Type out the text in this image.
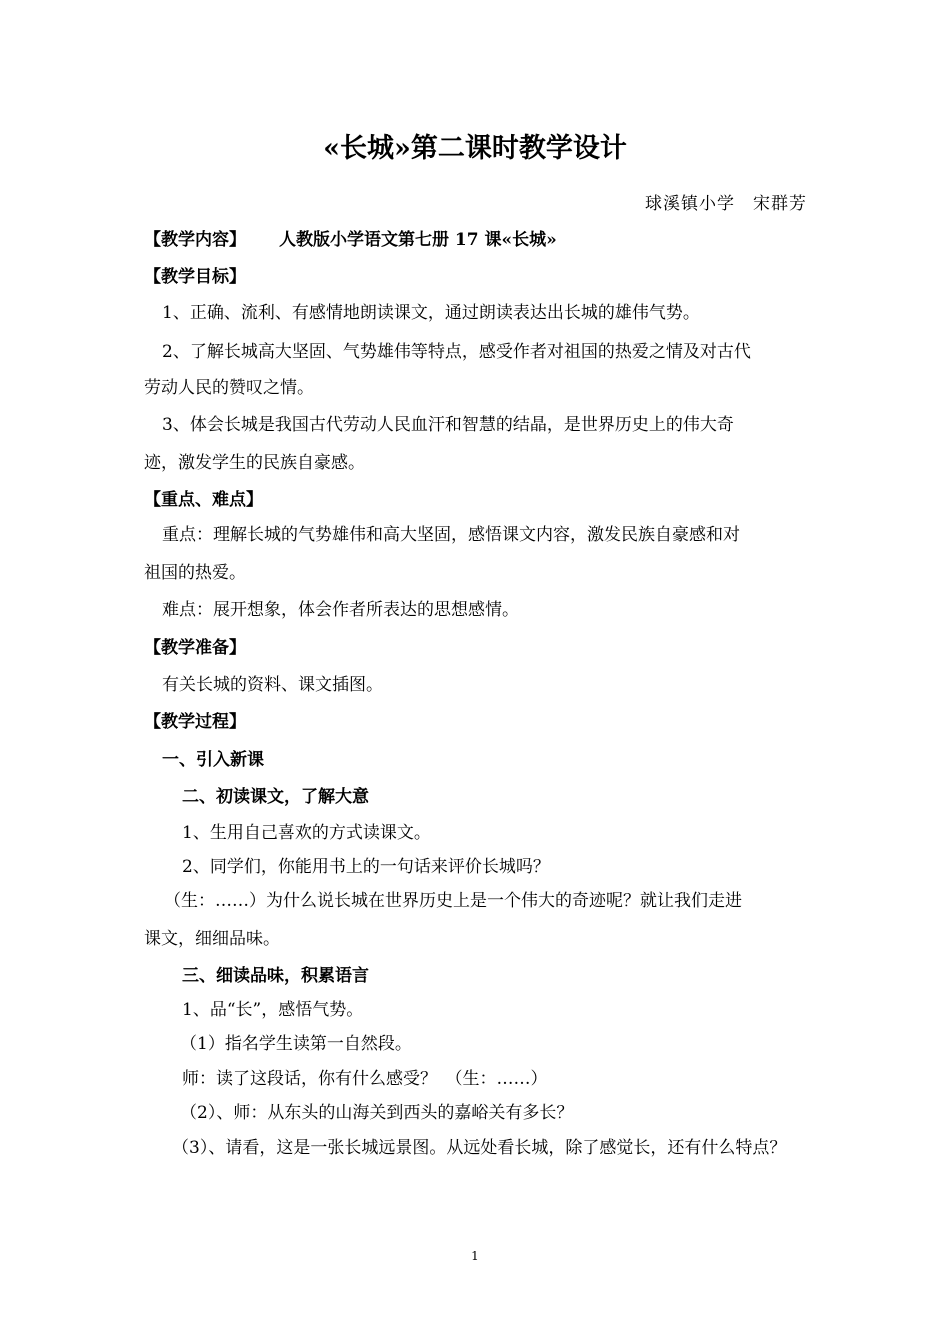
«长城»第二课时教学设计
球溪镇小学　宋群芳
【教学内容】 人教版小学语文第七册 17 课«长城»
【教学目标】
1、正确、流利、有感情地朗读课文，通过朗读表达出长城的雄伟气势。
2、了解长城高大坚固、气势雄伟等特点，感受作者对祖国的热爱之情及对古代
劳动人民的赞叹之情。
3、体会长城是我国古代劳动人民血汗和智慧的结晶，是世界历史上的伟大奇
迹，激发学生的民族自豪感。
【重点、难点】
重点：理解长城的气势雄伟和高大坚固，感悟课文内容，激发民族自豪感和对
祖国的热爱。
难点：展开想象，体会作者所表达的思想感情。
【教学准备】
有关长城的资料、课文插图。
【教学过程】
一、引入新课
二、初读课文，了解大意
1、生用自己喜欢的方式读课文。
2、同学们，你能用书上的一句话来评价长城吗？
（生：……）为什么说长城在世界历史上是一个伟大的奇迹呢？就让我们走进
课文，细细品味。
三、细读品味，积累语言
1、品“长”，感悟气势。
（1）指名学生读第一自然段。
师：读了这段话，你有什么感受？　（生：……）
（2）、师：从东头的山海关到西头的嘉峪关有多长？
（3）、请看，这是一张长城远景图。从远处看长城，除了感觉长，还有什么特点？
1
